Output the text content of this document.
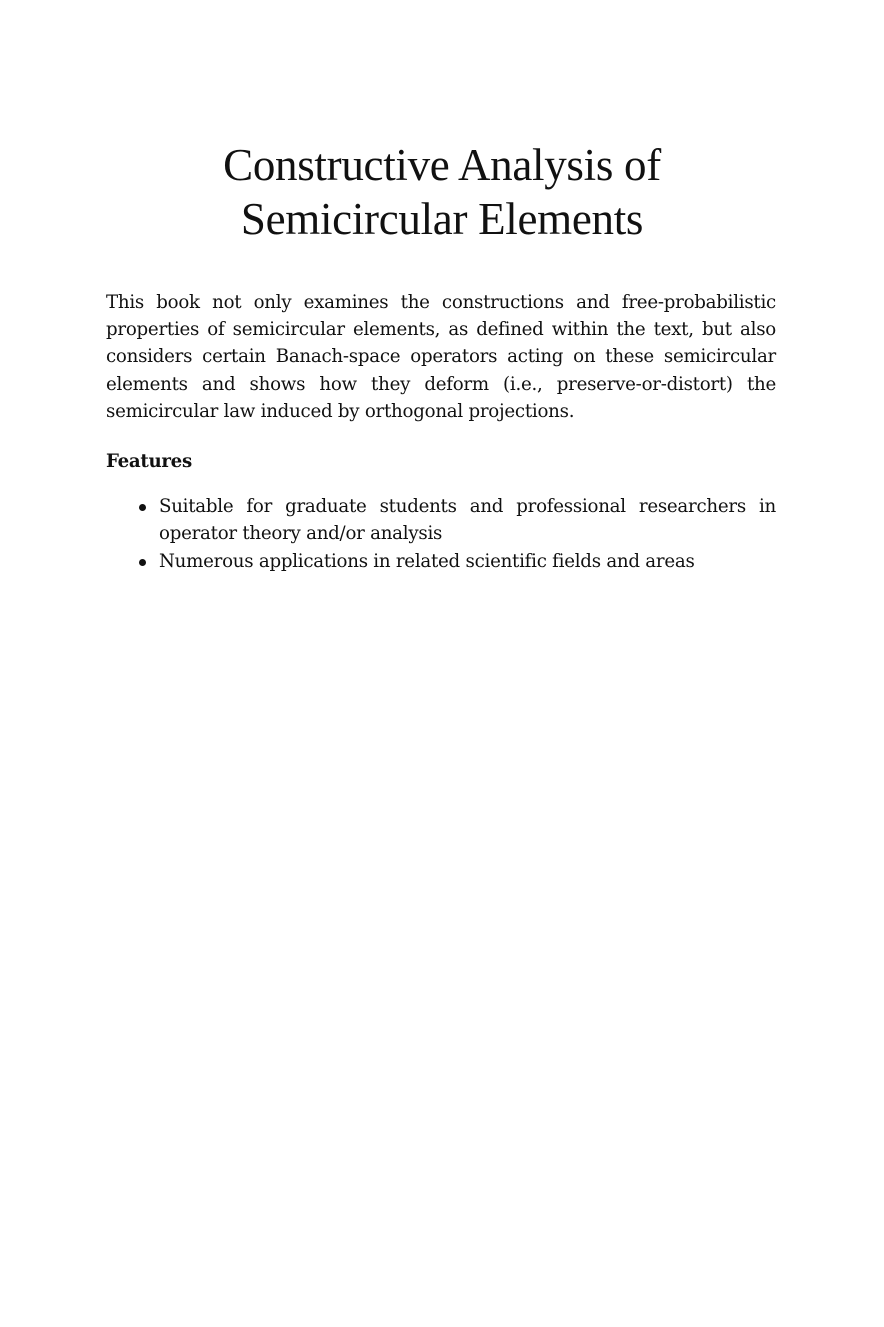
Constructive Analysis of
Semicircular Elements

This book not only examines the constructions and free-probabilistic properties of semicircular elements, as defined within the text, but also considers certain Banach-space operators acting on these semicircular elements and shows how they deform (i.e., preserve-or-distort) the semicircular law induced by orthogonal projections.

Features
Suitable for graduate students and professional researchers in operator theory and/or analysis
Numerous applications in related scientific fields and areas
